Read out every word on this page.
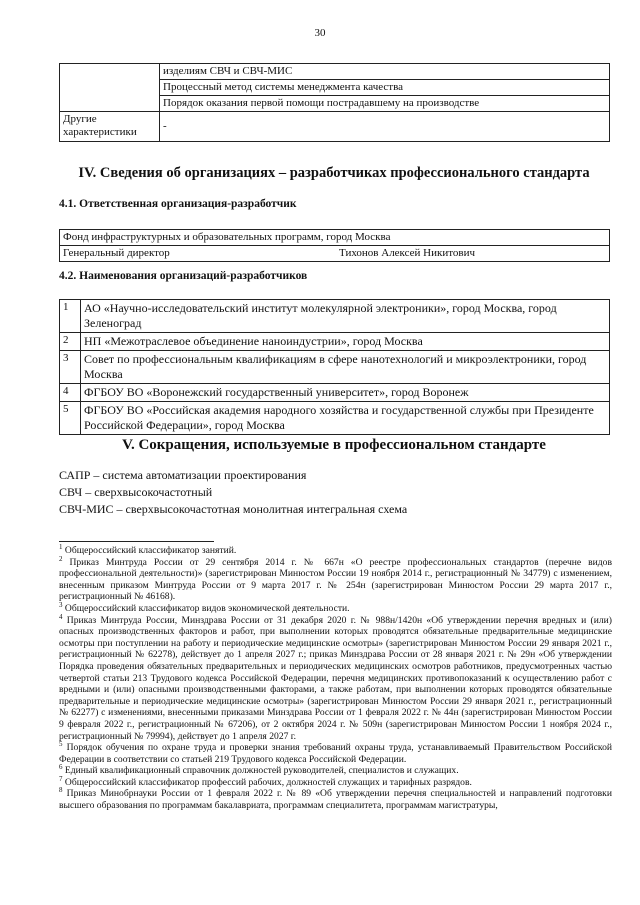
30
	изделиям СВЧ и СВЧ-МИС
	Процессный метод системы менеджмента качества
	Порядок оказания первой помощи пострадавшему на производстве
Другие характеристики	-
IV. Сведения об организациях – разработчиках профессионального стандарта
4.1. Ответственная организация-разработчик
Фонд инфраструктурных и образовательных программ, город Москва
Генеральный директор	Тихонов Алексей Никитович
4.2. Наименования организаций-разработчиков
1	АО «Научно-исследовательский институт молекулярной электроники», город Москва, город Зеленоград
2	НП «Межотраслевое объединение наноиндустрии», город Москва
3	Совет по профессиональным квалификациям в сфере нанотехнологий и микроэлектроники, город Москва
4	ФГБОУ ВО «Воронежский государственный университет», город Воронеж
5	ФГБОУ ВО «Российская академия народного хозяйства и государственной службы при Президенте Российской Федерации», город Москва
V. Сокращения, используемые в профессиональном стандарте
САПР – система автоматизации проектирования
СВЧ – сверхвысокочастотный
СВЧ-МИС – сверхвысокочастотная монолитная интегральная схема

$^1$ Общероссийский классификатор занятий.

$^2$ Приказ Минтруда России от 29 сентября 2014 г. № 667н «О реестре профессиональных стандартов (перечне видов профессиональной деятельности)» (зарегистрирован Минюстом России 19 ноября 2014 г., регистрационный № 34779) с изменением, внесенным приказом Минтруда России от 9 марта 2017 г. № 254н (зарегистрирован Минюстом России 29 марта 2017 г., регистрационный № 46168).

$^3$ Общероссийский классификатор видов экономической деятельности.

$^4$ Приказ Минтруда России, Минздрава России от 31 декабря 2020 г. № 988н/1420н «Об утверждении перечня вредных и (или) опасных производственных факторов и работ, при выполнении которых проводятся обязательные предварительные медицинские осмотры при поступлении на работу и периодические медицинские осмотры» (зарегистрирован Минюстом России 29 января 2021 г., регистрационный № 62278), действует до 1 апреля 2027 г.; приказ Минздрава России от 28 января 2021 г. № 29н «Об утверждении Порядка проведения обязательных предварительных и периодических медицинских осмотров работников, предусмотренных частью четвертой статьи 213 Трудового кодекса Российской Федерации, перечня медицинских противопоказаний к осуществлению работ с вредными и (или) опасными производственными факторами, а также работам, при выполнении которых проводятся обязательные предварительные и периодические медицинские осмотры» (зарегистрирован Минюстом России 29 января 2021 г., регистрационный № 62277) с изменениями, внесенными приказами Минздрава России от 1 февраля 2022 г. № 44н (зарегистрирован Минюстом России 9 февраля 2022 г., регистрационный № 67206), от 2 октября 2024 г. № 509н (зарегистрирован Минюстом России 1 ноября 2024 г., регистрационный № 79994), действует до 1 апреля 2027 г.

$^5$ Порядок обучения по охране труда и проверки знания требований охраны труда, устанавливаемый Правительством Российской Федерации в соответствии со статьей 219 Трудового кодекса Российской Федерации.

$^6$ Единый квалификационный справочник должностей руководителей, специалистов и служащих.

$^7$ Общероссийский классификатор профессий рабочих, должностей служащих и тарифных разрядов.

$^8$ Приказ Минобрнауки России от 1 февраля 2022 г. № 89 «Об утверждении перечня специальностей и направлений подготовки высшего образования по программам бакалавриата, программам специалитета, программам магистратуры,
